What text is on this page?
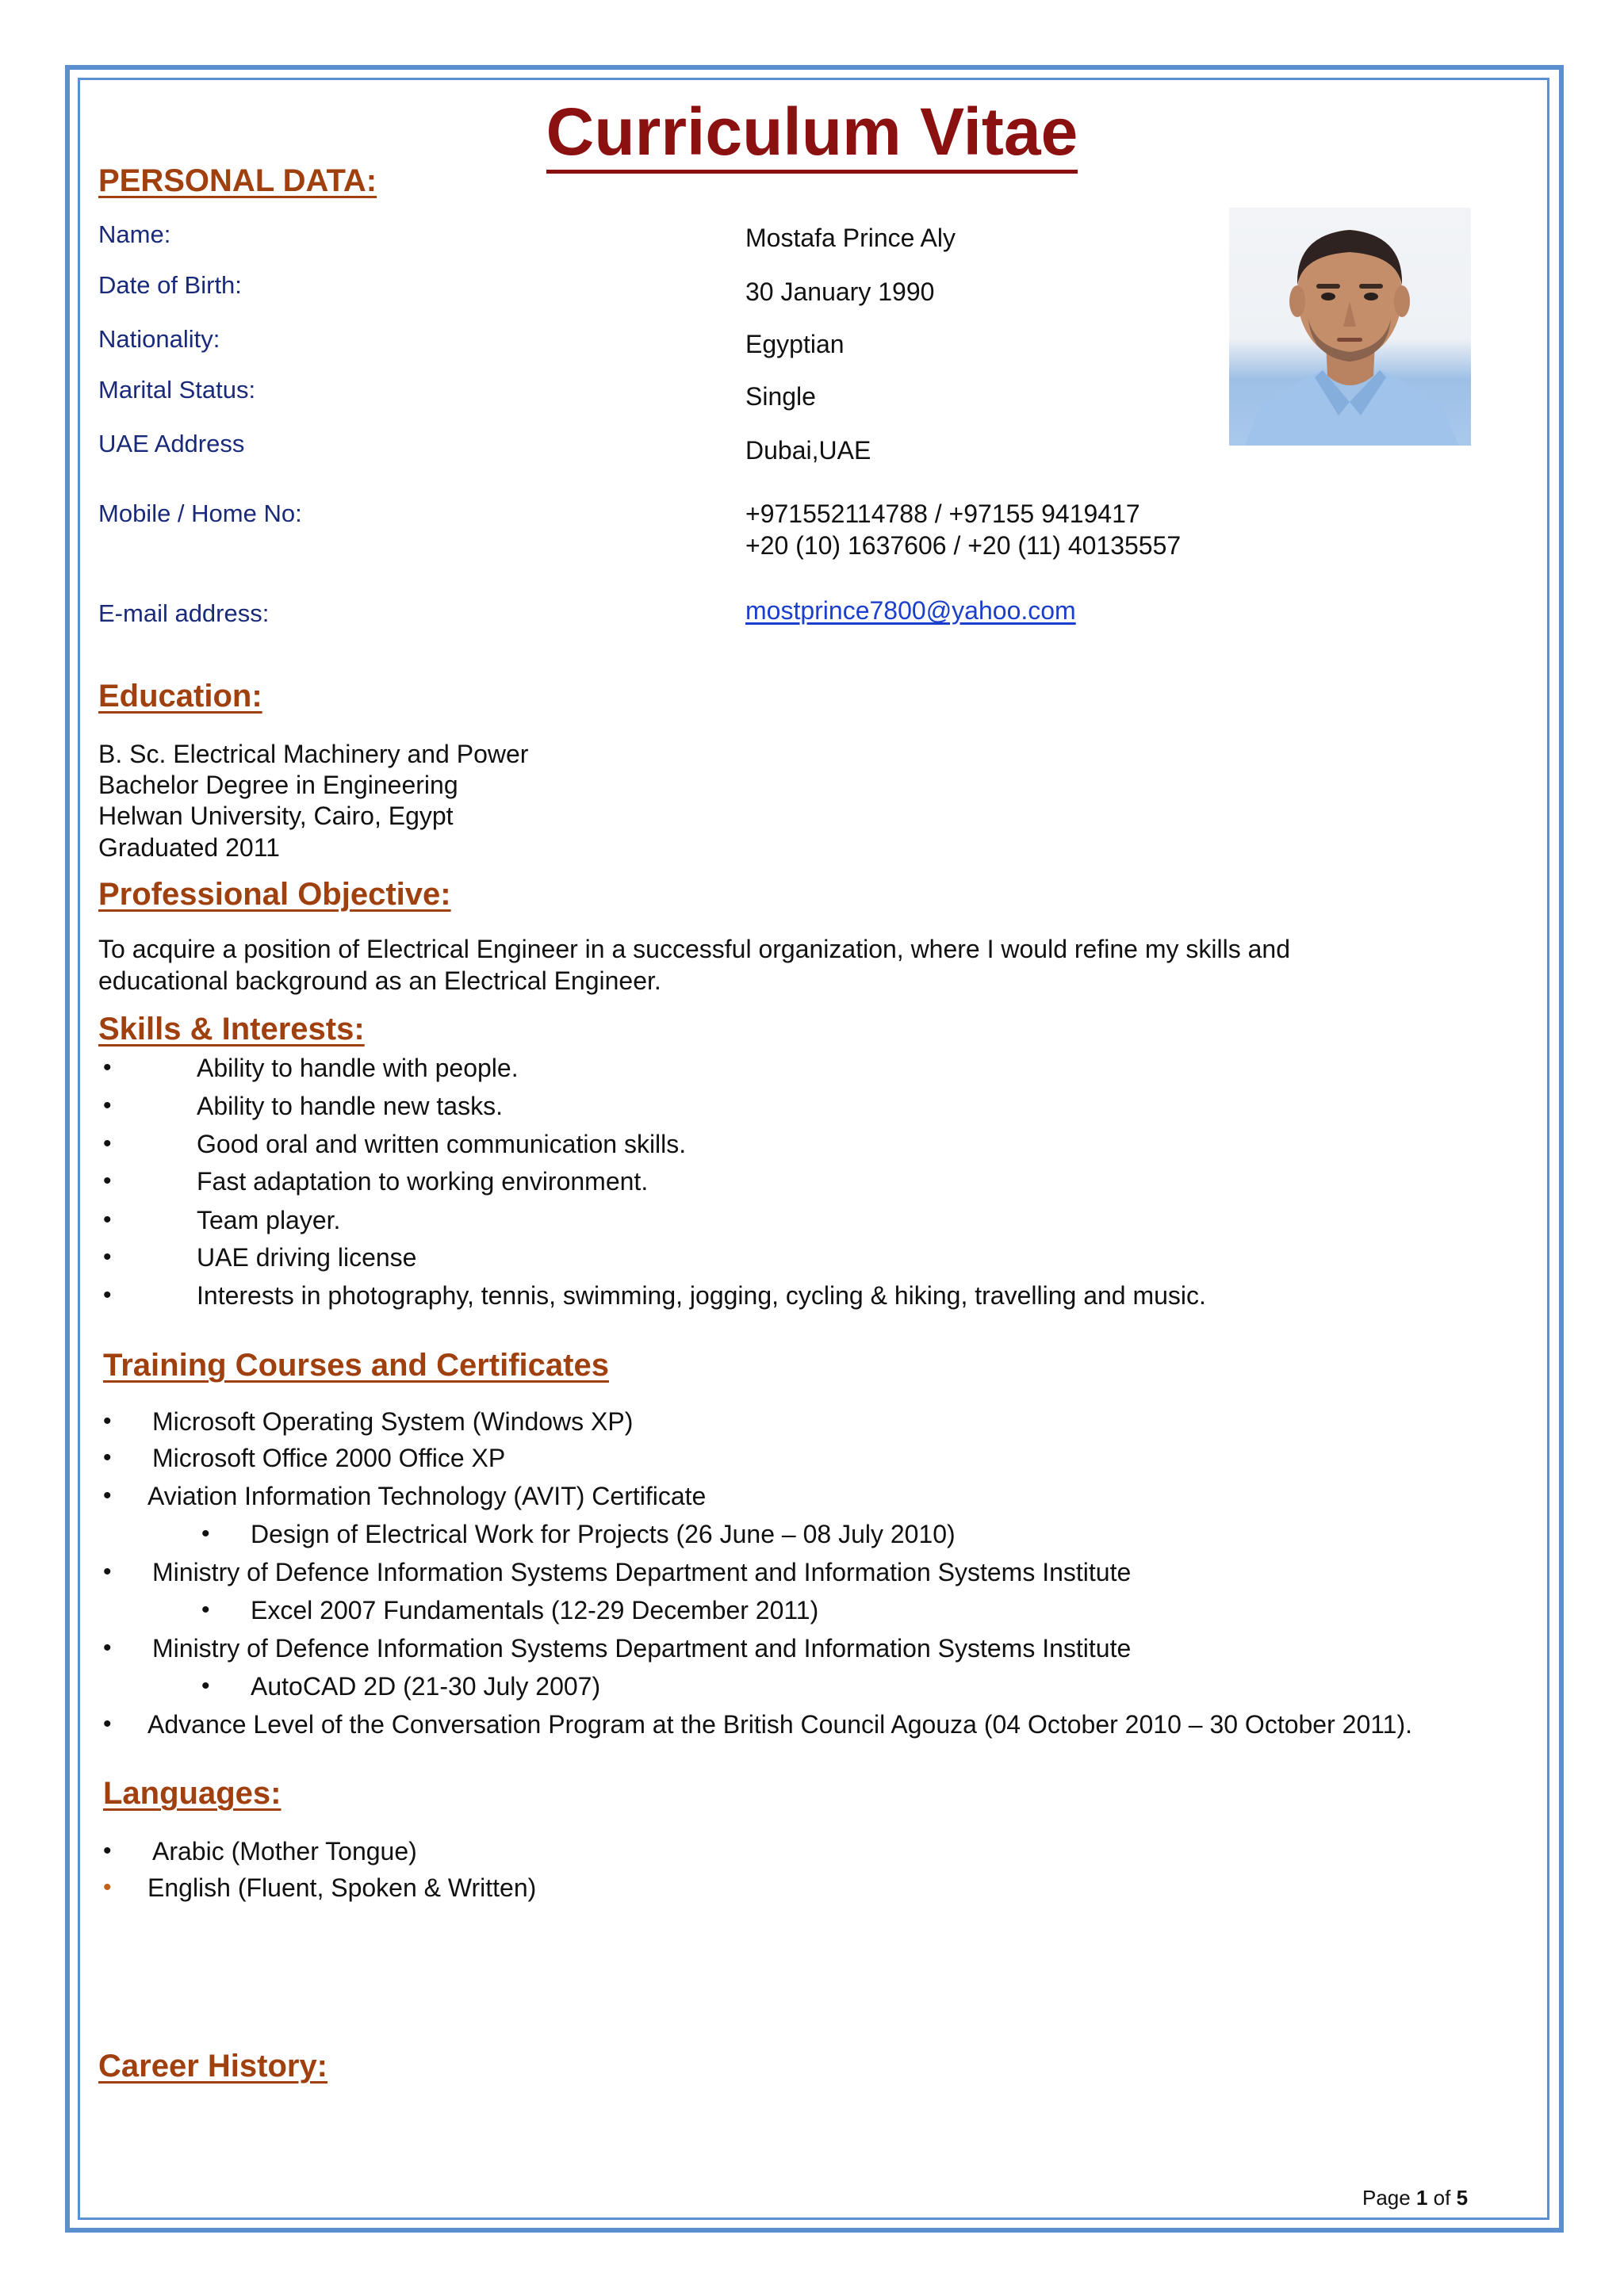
Curriculum Vitae
PERSONAL DATA:
Name:	Mostafa Prince Aly
Date of Birth:	30 January 1990
Nationality:	Egyptian
Marital Status:	Single
UAE Address	Dubai,UAE
Mobile / Home No:	+971552114788 / +97155 9419417
+20 (10) 1637606 / +20 (11) 40135557
E-mail address:	mostprince7800@yahoo.com
Education:
B. Sc. Electrical Machinery and Power
Bachelor Degree in Engineering
Helwan University, Cairo, Egypt
Graduated 2011
Professional Objective:
To acquire a position of Electrical Engineer in a successful organization, where I would refine my skills and
educational background as an Electrical Engineer.
Skills & Interests:
•	Ability to handle with people.
•	Ability to handle new tasks.
•	Good oral and written communication skills.
•	Fast adaptation to working environment.
•	Team player.
•	UAE driving license
•	Interests in photography, tennis, swimming, jogging, cycling & hiking, travelling and music.
Training Courses and Certificates
• Microsoft Operating System (Windows XP)
• Microsoft Office 2000 Office XP
• Aviation Information Technology (AVIT) Certificate
• Design of Electrical Work for Projects (26 June – 08 July 2010)
• Ministry of Defence Information Systems Department and Information Systems Institute
• Excel 2007 Fundamentals (12-29 December 2011)
• Ministry of Defence Information Systems Department and Information Systems Institute
• AutoCAD 2D (21-30 July 2007)
• Advance Level of the Conversation Program at the British Council Agouza (04 October 2010 – 30 October 2011).
Languages:
• Arabic (Mother Tongue)
• English (Fluent, Spoken & Written)
Career History:
Page 1 of 5
